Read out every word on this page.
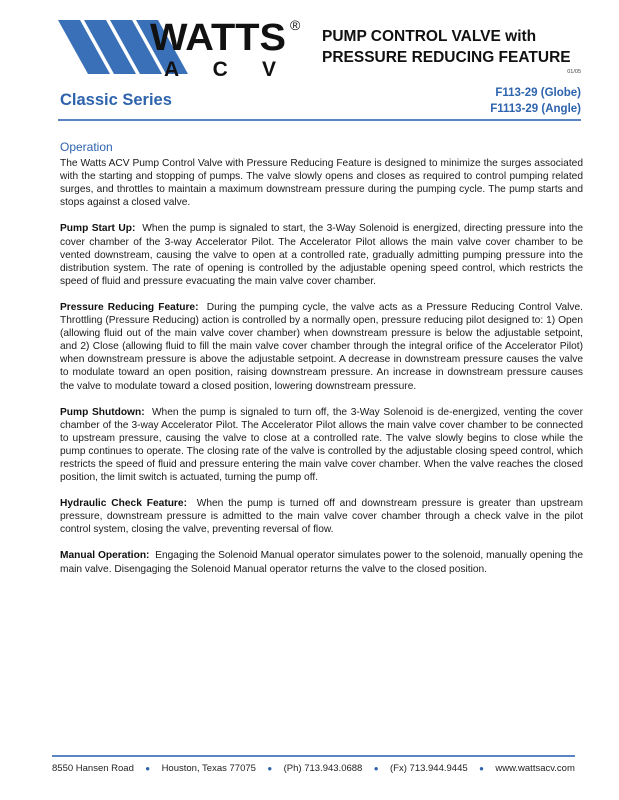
WATTS ®
A C V
PUMP CONTROL VALVE with
PRESSURE REDUCING FEATURE
01/05
Classic Series	F113-29 (Globe)
F1113-29 (Angle)
Operation

The Watts ACV Pump Control Valve with Pressure Reducing Feature is designed to minimize the surges associated with the starting and stopping of pumps. The valve slowly opens and closes as required to control pumping related surges, and throttles to maintain a maximum downstream pressure during the pumping cycle. The pump starts and stops against a closed valve.

Pump Start Up: When the pump is signaled to start, the 3-Way Solenoid is energized, directing pressure into the cover chamber of the 3-way Accelerator Pilot. The Accelerator Pilot allows the main valve cover chamber to be vented downstream, causing the valve to open at a controlled rate, gradually admitting pumping pressure into the distribution system. The rate of opening is controlled by the adjustable opening speed control, which restricts the speed of fluid and pressure evacuating the main valve cover chamber.

Pressure Reducing Feature: During the pumping cycle, the valve acts as a Pressure Reducing Control Valve. Throttling (Pressure Reducing) action is controlled by a normally open, pressure reducing pilot designed to: 1) Open (allowing fluid out of the main valve cover chamber) when downstream pressure is below the adjustable setpoint, and 2) Close (allowing fluid to fill the main valve cover chamber through the integral orifice of the Accelerator Pilot) when downstream pressure is above the adjustable setpoint. A decrease in downstream pressure causes the valve to modulate toward an open position, raising downstream pressure. An increase in downstream pressure causes the valve to modulate toward a closed position, lowering downstream pressure.

Pump Shutdown: When the pump is signaled to turn off, the 3-Way Solenoid is de-energized, venting the cover chamber of the 3-way Accelerator Pilot. The Accelerator Pilot allows the main valve cover chamber to be connected to upstream pressure, causing the valve to close at a controlled rate. The valve slowly begins to close while the pump continues to operate. The closing rate of the valve is controlled by the adjustable closing speed control, which restricts the speed of fluid and pressure entering the main valve cover chamber. When the valve reaches the closed position, the limit switch is actuated, turning the pump off.

Hydraulic Check Feature: When the pump is turned off and downstream pressure is greater than upstream pressure, downstream pressure is admitted to the main valve cover chamber through a check valve in the pilot control system, closing the valve, preventing reversal of flow.

Manual Operation: Engaging the Solenoid Manual operator simulates power to the solenoid, manually opening the main valve. Disengaging the Solenoid Manual operator returns the valve to the closed position.

8550 Hansen Road ● Houston, Texas 77075 ● (Ph) 713.943.0688 ● (Fx) 713.944.9445 ● www.wattsacv.com
